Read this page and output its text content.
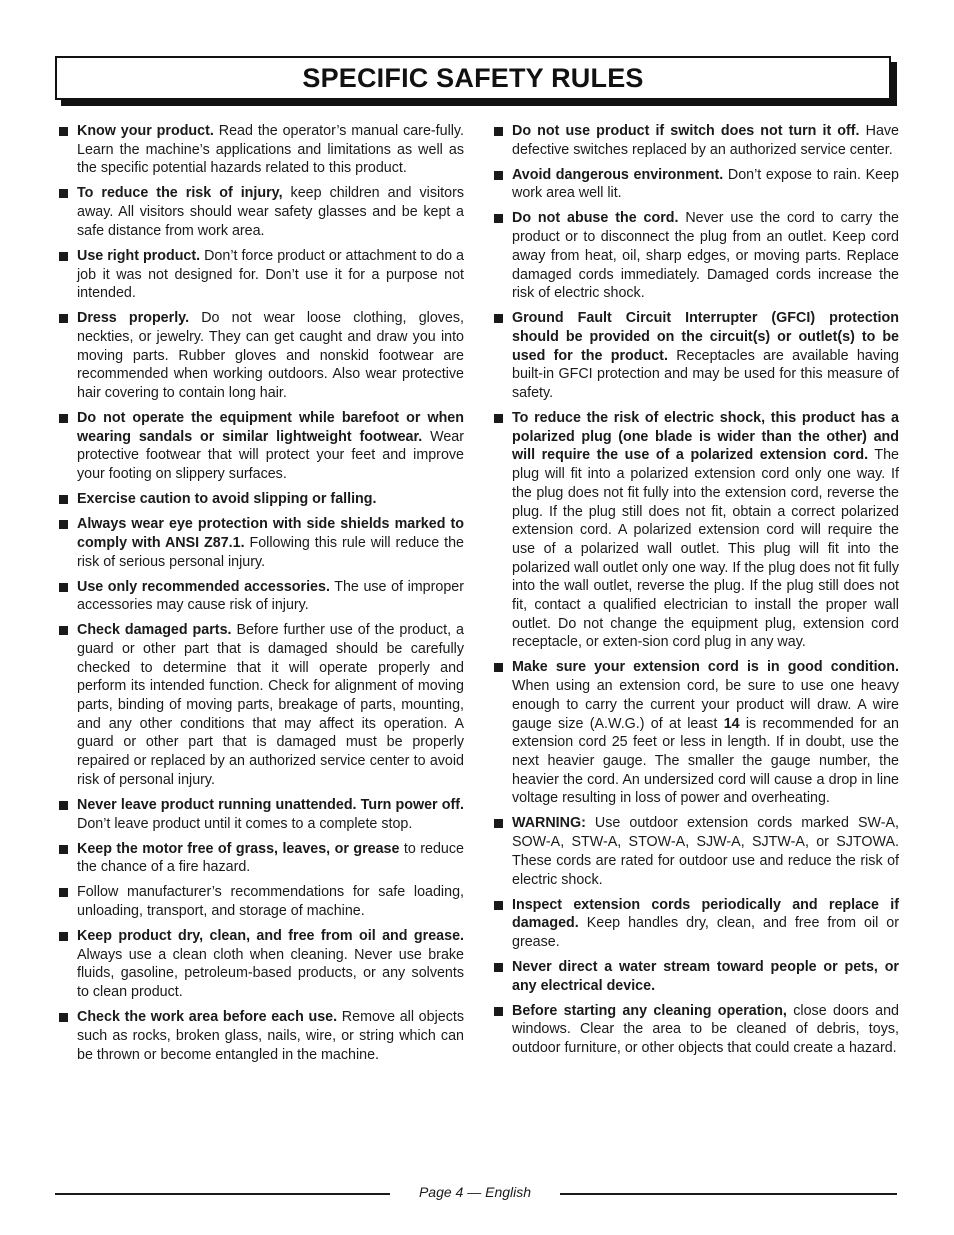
SPECIFIC SAFETY RULES
Know your product. Read the operator’s manual care-fully. Learn the machine’s applications and limitations as well as the specific potential hazards related to this product.
To reduce the risk of injury, keep children and visitors away. All visitors should wear safety glasses and be kept a safe distance from work area.
Use right product. Don’t force product or attachment to do a job it was not designed for. Don’t use it for a purpose not intended.
Dress properly. Do not wear loose clothing, gloves, neckties, or jewelry. They can get caught and draw you into moving parts. Rubber gloves and nonskid footwear are recommended when working outdoors. Also wear protective hair covering to contain long hair.
Do not operate the equipment while barefoot or when wearing sandals or similar lightweight footwear. Wear protective footwear that will protect your feet and improve your footing on slippery surfaces.
Exercise caution to avoid slipping or falling.
Always wear eye protection with side shields marked to comply with ANSI Z87.1. Following this rule will reduce the risk of serious personal injury.
Use only recommended accessories. The use of improper accessories may cause risk of injury.
Check damaged parts. Before further use of the product, a guard or other part that is damaged should be carefully checked to determine that it will operate properly and perform its intended function. Check for alignment of moving parts, binding of moving parts, breakage of parts, mounting, and any other conditions that may affect its operation. A guard or other part that is damaged must be properly repaired or replaced by an authorized service center to avoid risk of personal injury.
Never leave product running unattended. Turn power off. Don’t leave product until it comes to a complete stop.
Keep the motor free of grass, leaves, or grease to reduce the chance of a fire hazard.
Follow manufacturer’s recommendations for safe loading, unloading, transport, and storage of machine.
Keep product dry, clean, and free from oil and grease. Always use a clean cloth when cleaning. Never use brake fluids, gasoline, petroleum-based products, or any solvents to clean product.
Check the work area before each use. Remove all objects such as rocks, broken glass, nails, wire, or string which can be thrown or become entangled in the machine.
Do not use product if switch does not turn it off. Have defective switches replaced by an authorized service center.
Avoid dangerous environment. Don’t expose to rain. Keep work area well lit.
Do not abuse the cord. Never use the cord to carry the product or to disconnect the plug from an outlet. Keep cord away from heat, oil, sharp edges, or moving parts. Replace damaged cords immediately. Damaged cords increase the risk of electric shock.
Ground Fault Circuit Interrupter (GFCI) protection should be provided on the circuit(s) or outlet(s) to be used for the product. Receptacles are available having built-in GFCI protection and may be used for this measure of safety.
To reduce the risk of electric shock, this product has a polarized plug (one blade is wider than the other) and will require the use of a polarized extension cord. The plug will fit into a polarized extension cord only one way. If the plug does not fit fully into the extension cord, reverse the plug. If the plug still does not fit, obtain a correct polarized extension cord. A polarized extension cord will require the use of a polarized wall outlet. This plug will fit into the polarized wall outlet only one way. If the plug does not fit fully into the wall outlet, reverse the plug. If the plug still does not fit, contact a qualified electrician to install the proper wall outlet. Do not change the equipment plug, extension cord receptacle, or exten-sion cord plug in any way.
Make sure your extension cord is in good condition. When using an extension cord, be sure to use one heavy enough to carry the current your product will draw. A wire gauge size (A.W.G.) of at least 14 is recommended for an extension cord 25 feet or less in length. If in doubt, use the next heavier gauge. The smaller the gauge number, the heavier the cord. An undersized cord will cause a drop in line voltage resulting in loss of power and overheating.
WARNING: Use outdoor extension cords marked SW-A, SOW-A, STW-A, STOW-A, SJW-A, SJTW-A, or SJTOWA. These cords are rated for outdoor use and reduce the risk of electric shock.
Inspect extension cords periodically and replace if damaged. Keep handles dry, clean, and free from oil or grease.
Never direct a water stream toward people or pets, or any electrical device.
Before starting any cleaning operation, close doors and windows. Clear the area to be cleaned of debris, toys, outdoor furniture, or other objects that could create a hazard.
Page 4 — English
